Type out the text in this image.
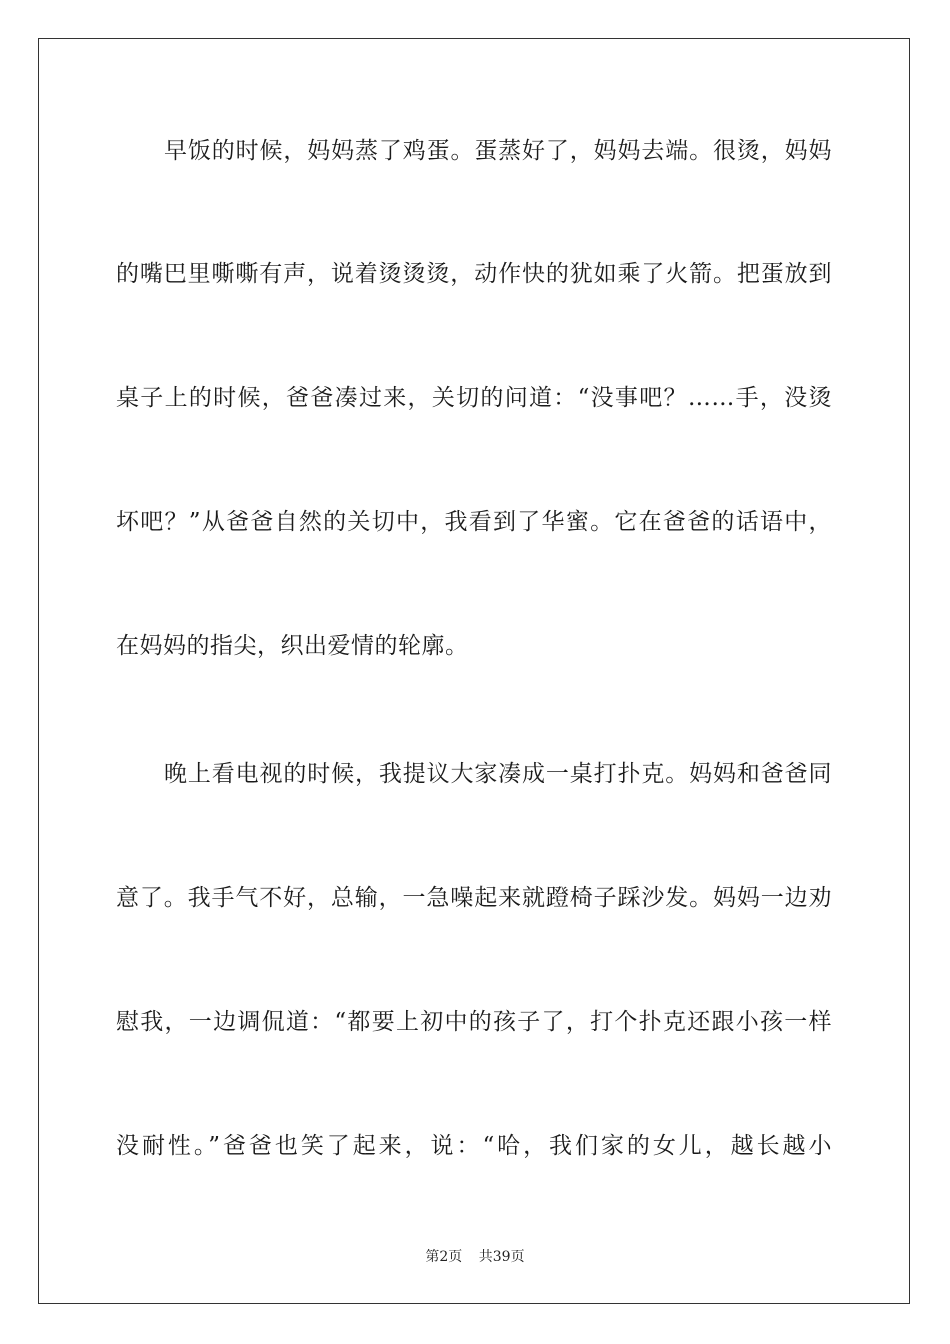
早饭的时候，妈妈蒸了鸡蛋。蛋蒸好了，妈妈去端。很烫，妈妈
的嘴巴里嘶嘶有声，说着烫烫烫，动作快的犹如乘了火箭。把蛋放到
桌子上的时候，爸爸凑过来，关切的问道：“没事吧？……手，没烫
坏吧？”从爸爸自然的关切中，我看到了华蜜。它在爸爸的话语中，
在妈妈的指尖，织出爱情的轮廓。
晚上看电视的时候，我提议大家凑成一桌打扑克。妈妈和爸爸同
意了。我手气不好，总输，一急噪起来就蹬椅子踩沙发。妈妈一边劝
慰我，一边调侃道：“都要上初中的孩子了，打个扑克还跟小孩一样
没耐性。”爸爸也笑了起来，说：“哈，我们家的女儿，越长越小
第2页 共39页
